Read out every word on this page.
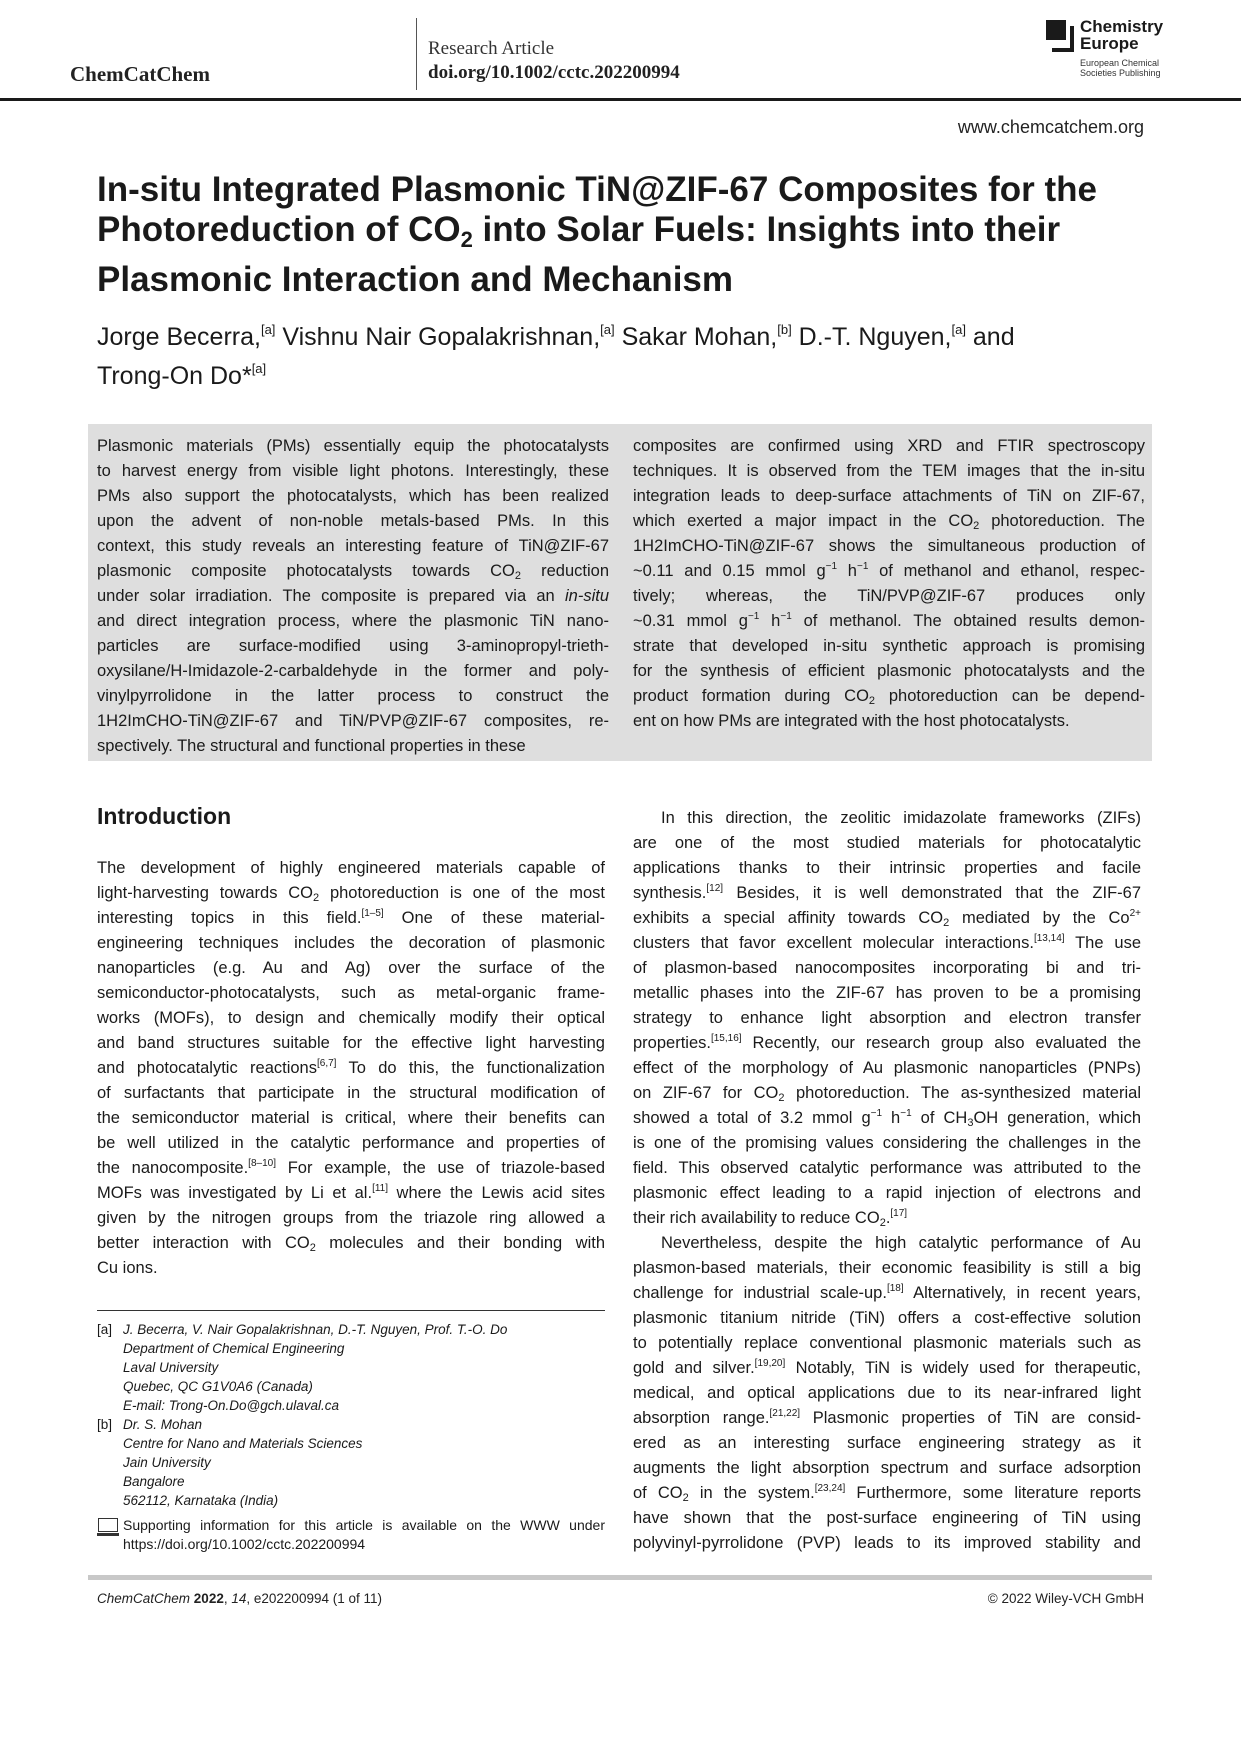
ChemCatChem
Research Article
doi.org/10.1002/cctc.202200994
Chemistry
Europe
European Chemical
Societies Publishing
www.chemcatchem.org
In-situ Integrated Plasmonic TiN@ZIF-67 Composites for the
Photoreduction of $CO_2$ into Solar Fuels: Insights into their
Plasmonic Interaction and Mechanism
Jorge Becerra,[a] Vishnu Nair Gopalakrishnan,[a] Sakar Mohan,[b] D.-T. Nguyen,[a] and
Trong-On Do*[a]
Plasmonic materials (PMs) essentially equip the photocatalysts
to harvest energy from visible light photons. Interestingly, these
PMs also support the photocatalysts, which has been realized
upon the advent of non-noble metals-based PMs. In this
context, this study reveals an interesting feature of TiN@ZIF-67
plasmonic composite photocatalysts towards $CO_2$ reduction
under solar irradiation. The composite is prepared via an in-situ
and direct integration process, where the plasmonic TiN nano-
particles are surface-modified using 3-aminopropyl-trieth-
oxysilane/H-Imidazole-2-carbaldehyde in the former and poly-
vinylpyrrolidone in the latter process to construct the
1H2ImCHO-TiN@ZIF-67 and TiN/PVP@ZIF-67 composites, re-
spectively. The structural and functional properties in these
composites are confirmed using XRD and FTIR spectroscopy
techniques. It is observed from the TEM images that the in-situ
integration leads to deep-surface attachments of TiN on ZIF-67,
which exerted a major impact in the $CO_2$ photoreduction. The
1H2ImCHO-TiN@ZIF-67 shows the simultaneous production of
~0.11 and 0.15 mmol $g^{-1}$ $h^{-1}$ of methanol and ethanol, respec-
tively; whereas, the TiN/PVP@ZIF-67 produces only
~0.31 mmol $g^{-1}$ $h^{-1}$ of methanol. The obtained results demon-
strate that developed in-situ synthetic approach is promising
for the synthesis of efficient plasmonic photocatalysts and the
product formation during $CO_2$ photoreduction can be depend-
ent on how PMs are integrated with the host photocatalysts.
Introduction
The development of highly engineered materials capable of
light-harvesting towards $CO_2$ photoreduction is one of the most
interesting topics in this field.[1–5] One of these material-
engineering techniques includes the decoration of plasmonic
nanoparticles (e.g. Au and Ag) over the surface of the
semiconductor-photocatalysts, such as metal-organic frame-
works (MOFs), to design and chemically modify their optical
and band structures suitable for the effective light harvesting
and photocatalytic reactions[6,7] To do this, the functionalization
of surfactants that participate in the structural modification of
the semiconductor material is critical, where their benefits can
be well utilized in the catalytic performance and properties of
the nanocomposite.[8–10] For example, the use of triazole-based
MOFs was investigated by Li et al.[11] where the Lewis acid sites
given by the nitrogen groups from the triazole ring allowed a
better interaction with $CO_2$ molecules and their bonding with
Cu ions.
In this direction, the zeolitic imidazolate frameworks (ZIFs)
are one of the most studied materials for photocatalytic
applications thanks to their intrinsic properties and facile
synthesis.[12] Besides, it is well demonstrated that the ZIF-67
exhibits a special affinity towards $CO_2$ mediated by the $Co^{2+}$
clusters that favor excellent molecular interactions.[13,14] The use
of plasmon-based nanocomposites incorporating bi and tri-
metallic phases into the ZIF-67 has proven to be a promising
strategy to enhance light absorption and electron transfer
properties.[15,16] Recently, our research group also evaluated the
effect of the morphology of Au plasmonic nanoparticles (PNPs)
on ZIF-67 for $CO_2$ photoreduction. The as-synthesized material
showed a total of 3.2 mmol $g^{-1}$ $h^{-1}$ of $CH_3OH$ generation, which
is one of the promising values considering the challenges in the
field. This observed catalytic performance was attributed to the
plasmonic effect leading to a rapid injection of electrons and
their rich availability to reduce $CO_2.[17]$
Nevertheless, despite the high catalytic performance of Au
plasmon-based materials, their economic feasibility is still a big
challenge for industrial scale-up.[18] Alternatively, in recent years,
plasmonic titanium nitride (TiN) offers a cost-effective solution
to potentially replace conventional plasmonic materials such as
gold and silver.[19,20] Notably, TiN is widely used for therapeutic,
medical, and optical applications due to its near-infrared light
absorption range.[21,22] Plasmonic properties of TiN are consid-
ered as an interesting surface engineering strategy as it
augments the light absorption spectrum and surface adsorption
of $CO_2$ in the system.[23,24] Furthermore, some literature reports
have shown that the post-surface engineering of TiN using
polyvinyl-pyrrolidone (PVP) leads to its improved stability and
[a] J. Becerra, V. Nair Gopalakrishnan, D.-T. Nguyen, Prof. T.-O. Do
Department of Chemical Engineering
Laval University
Quebec, QC G1V0A6 (Canada)
E-mail: Trong-On.Do@gch.ulaval.ca
[b] Dr. S. Mohan
Centre for Nano and Materials Sciences
Jain University
Bangalore
562112, Karnataka (India)
Supporting information for this article is available on the WWW under
https://doi.org/10.1002/cctc.202200994
ChemCatChem 2022, 14, e202200994 (1 of 11)	© 2022 Wiley-VCH GmbH
